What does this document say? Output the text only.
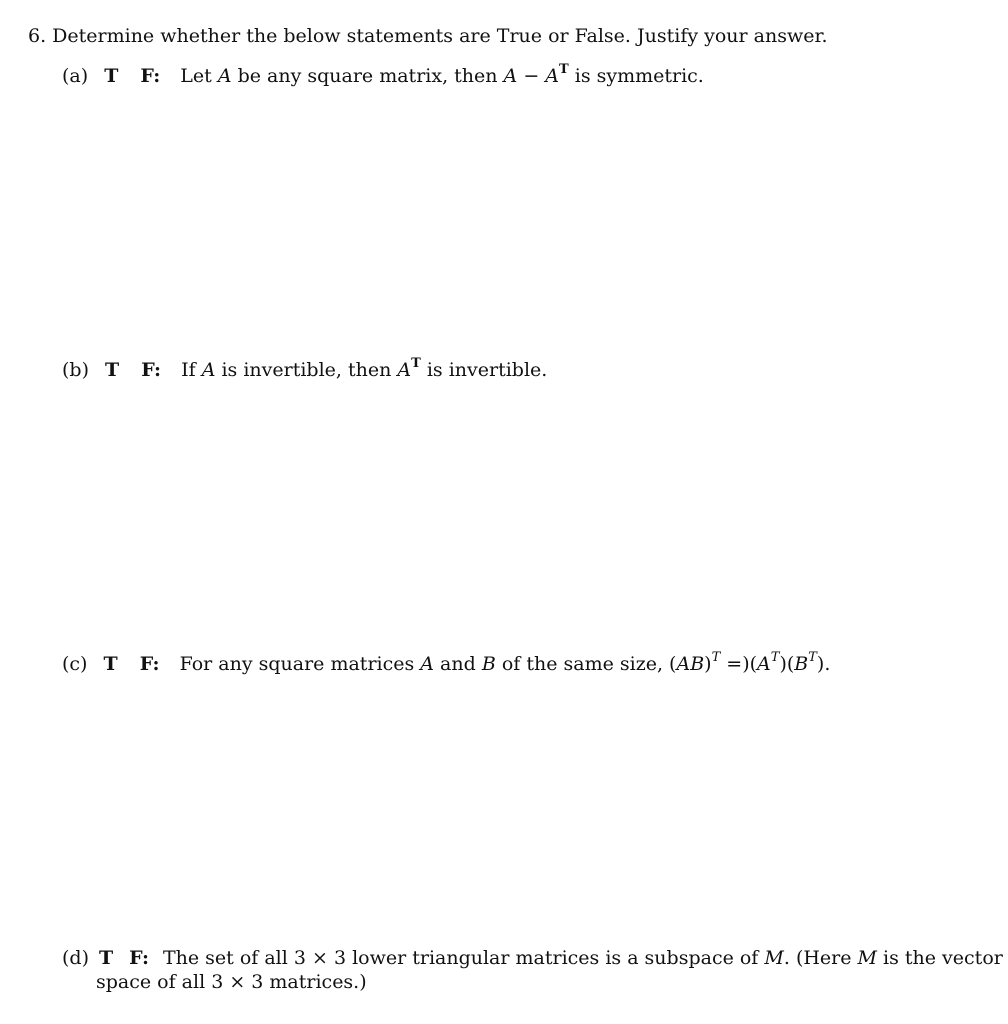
6. Determine whether the below statements are True or False. Justify your answer.
(a) T F: Let A be any square matrix, then $A - A^T$ is symmetric.
(b) T F: If A is invertible, then $A^T$ is invertible.
(c) T F: For any square matrices A and B of the same size, $(AB)^T =)(A^T)(B^T)$.
(d) T F: The set of all 3 × 3 lower triangular matrices is a subspace of M. (Here M is the vector
space of all 3 × 3 matrices.)
